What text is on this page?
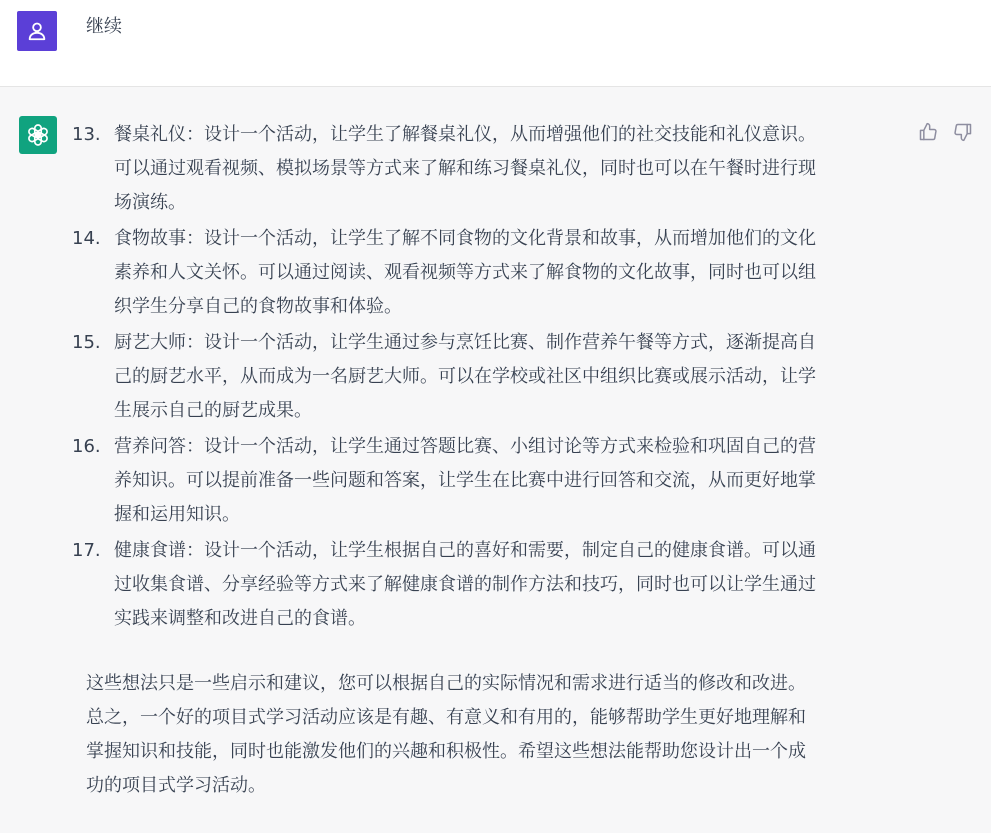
继续
13. 餐桌礼仪：设计一个活动，让学生了解餐桌礼仪，从而增强他们的社交技能和礼仪意识。
可以通过观看视频、模拟场景等方式来了解和练习餐桌礼仪，同时也可以在午餐时进行现
场演练。
14. 食物故事：设计一个活动，让学生了解不同食物的文化背景和故事，从而增加他们的文化
素养和人文关怀。可以通过阅读、观看视频等方式来了解食物的文化故事，同时也可以组
织学生分享自己的食物故事和体验。
15. 厨艺大师：设计一个活动，让学生通过参与烹饪比赛、制作营养午餐等方式，逐渐提高自
己的厨艺水平，从而成为一名厨艺大师。可以在学校或社区中组织比赛或展示活动，让学
生展示自己的厨艺成果。
16. 营养问答：设计一个活动，让学生通过答题比赛、小组讨论等方式来检验和巩固自己的营
养知识。可以提前准备一些问题和答案，让学生在比赛中进行回答和交流，从而更好地掌
握和运用知识。
17. 健康食谱：设计一个活动，让学生根据自己的喜好和需要，制定自己的健康食谱。可以通
过收集食谱、分享经验等方式来了解健康食谱的制作方法和技巧，同时也可以让学生通过
实践来调整和改进自己的食谱。
这些想法只是一些启示和建议，您可以根据自己的实际情况和需求进行适当的修改和改进。
总之，一个好的项目式学习活动应该是有趣、有意义和有用的，能够帮助学生更好地理解和
掌握知识和技能，同时也能激发他们的兴趣和积极性。希望这些想法能帮助您设计出一个成
功的项目式学习活动。
